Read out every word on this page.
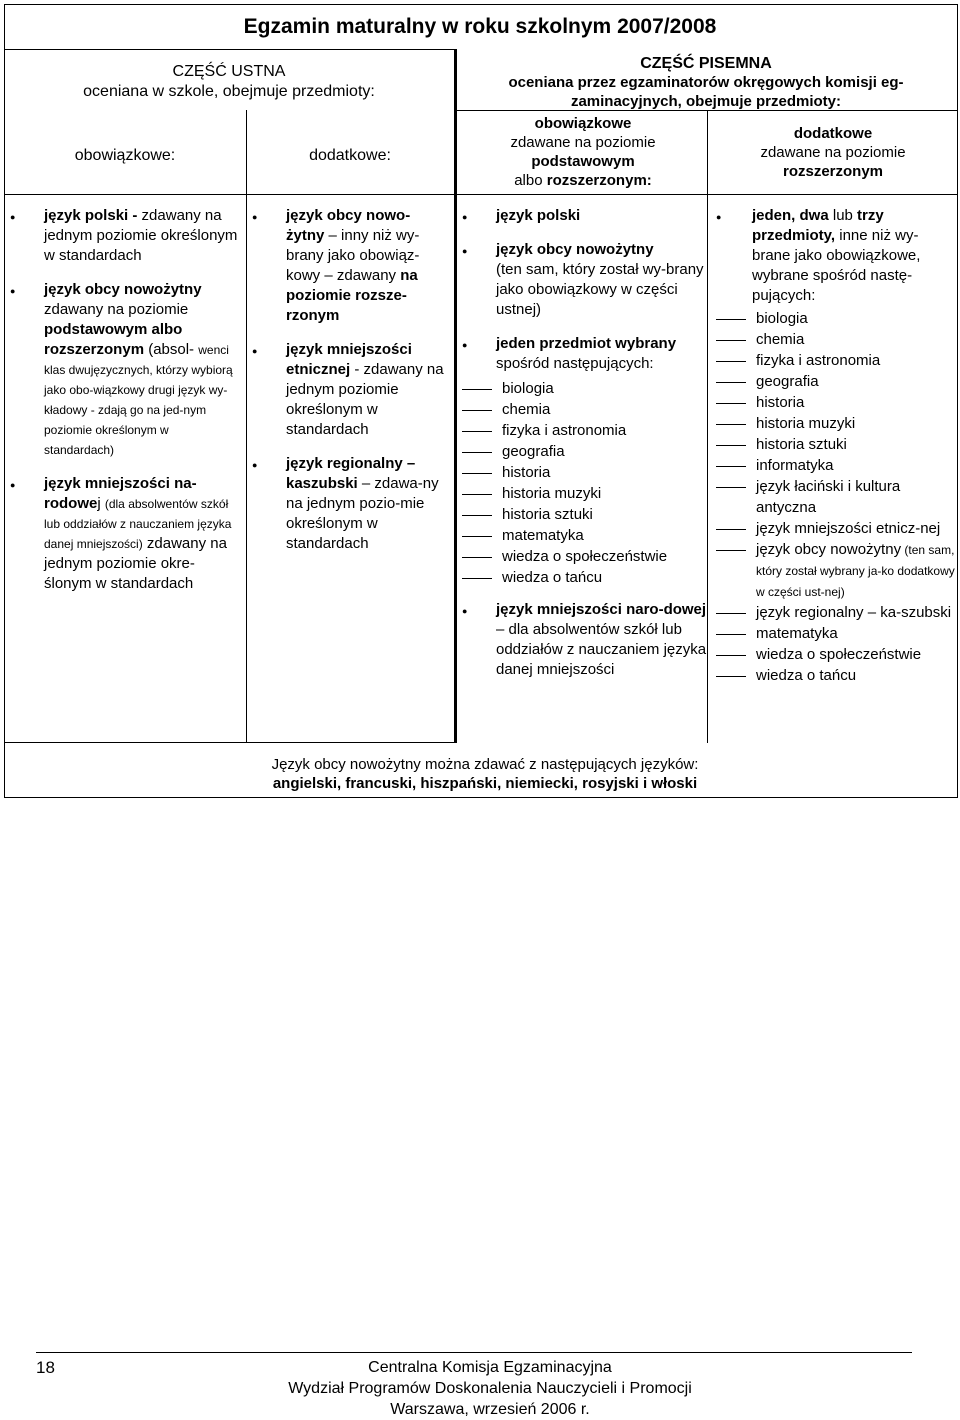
Egzamin maturalny w roku szkolnym 2007/2008
CZĘŚĆ USTNA
oceniana w szkole, obejmuje przedmioty:
obowiązkowe:	dodatkowe:
CZĘŚĆ PISEMNA
oceniana przez egzaminatorów okręgowych komisji eg-zaminacyjnych, obejmuje przedmioty:
obowiązkowe
zdawane na poziomie
podstawowym
albo rozszerzonym:
dodatkowe
zdawane na poziomie
rozszerzonym
● język polski - zdawany na jednym poziomie określonym w standardach
● język obcy nowożytny zdawany na poziomie podstawowym albo rozszerzonym (absol- wenci klas dwujęzycznych, którzy wybiorą jako obo-wiązkowy drugi język wy-kładowy - zdają go na jed-nym poziomie określonym w standardach)
● język mniejszości na-rodowej (dla absolwentów szkół lub oddziałów z nauczaniem języka danej mniejszości) zdawany na jednym poziomie okre-ślonym w standardach
● język obcy nowo-żytny – inny niż wy-brany jako obowiąz-kowy – zdawany na poziomie rozsze-rzonym
● język mniejszości etnicznej - zdawany na jednym poziomie określonym w standardach
● język regionalny – kaszubski – zdawa-ny na jednym pozio-mie określonym w standardach
● język polski
● język obcy nowożytny
(ten sam, który został wy-brany jako obowiązkowy w części ustnej)
● jeden przedmiot wybrany
spośród następujących:
biologia
chemia
fizyka i astronomia
geografia
historia
historia muzyki
historia sztuki
matematyka
wiedza o społeczeństwie
wiedza o tańcu
● język mniejszości naro-dowej – dla absolwentów szkół lub oddziałów z nauczaniem języka danej mniejszości
● jeden, dwa lub trzy przedmioty, inne niż wy-brane jako obowiązkowe, wybrane spośród nastę-pujących:
biologia
chemia
fizyka i astronomia
geografia
historia
historia muzyki
historia sztuki
informatyka
język łaciński i kultura antyczna
język mniejszości etnicz-nej
język obcy nowożytny (ten sam, który został wybrany ja-ko dodatkowy w części ust-nej)
język regionalny – ka-szubski
matematyka
wiedza o społeczeństwie
wiedza o tańcu
Język obcy nowożytny można zdawać z następujących języków:
angielski, francuski, hiszpański, niemiecki, rosyjski i włoski
18	Centralna Komisja Egzaminacyjna
Wydział Programów Doskonalenia Nauczycieli i Promocji
Warszawa, wrzesień 2006 r.
